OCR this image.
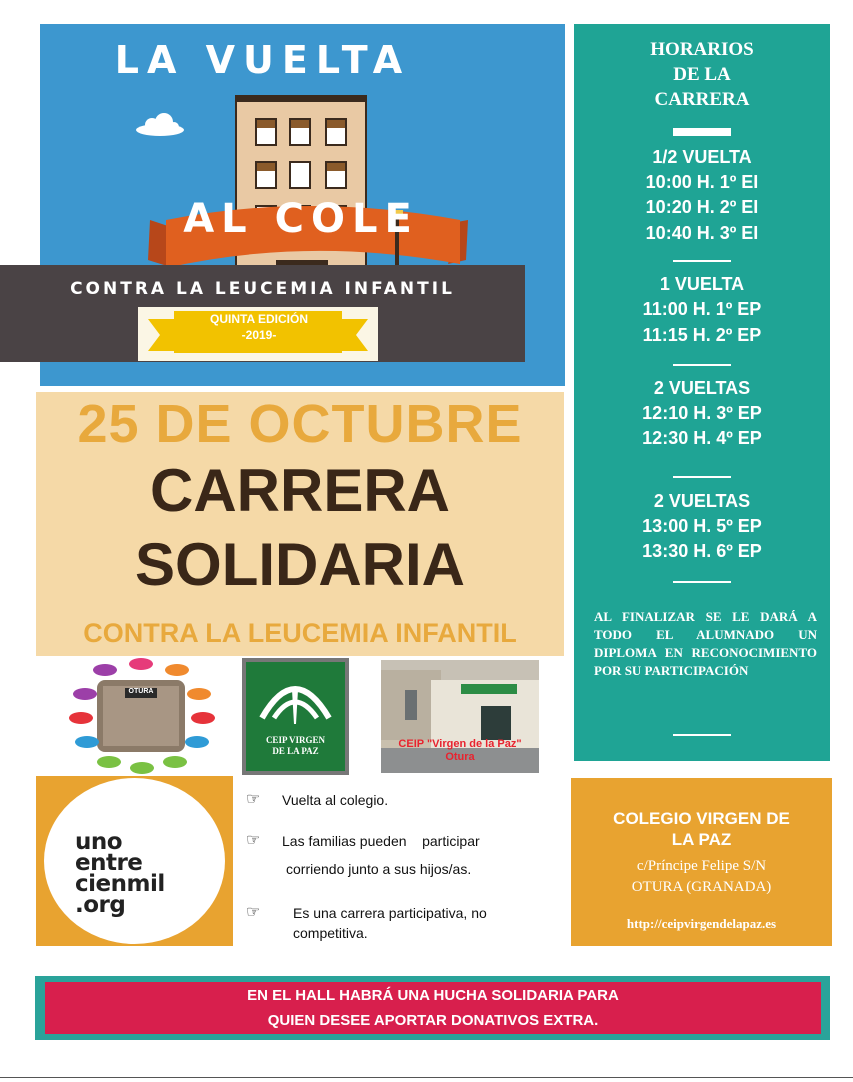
LA VUELTA
AL COLE
CONTRA LA LEUCEMIA INFANTIL
QUINTA EDICIÓN
-2019-
25 DE OCTUBRE
CARRERA
SOLIDARIA
CONTRA LA LEUCEMIA INFANTIL
HORARIOS
DE LA
CARRERA
1/2 VUELTA
10:00 H. 1º EI
10:20 H. 2º EI
10:40 H. 3º EI
1 VUELTA
11:00 H. 1º EP
11:15 H. 2º EP
2 VUELTAS
12:10 H. 3º EP
12:30 H. 4º EP
2 VUELTAS
13:00 H. 5º EP
13:30 H. 6º EP
AL FINALIZAR SE LE DARÁ A TODO EL ALUMNADO UN DIPLOMA EN RECONOCIMIENTO POR SU PARTICIPACIÓN
OTURA
CEIP VIRGEN
DE LA PAZ
CEIP "Virgen de la Paz"
Otura
uno
entre
cienmil
.org
☞ Vuelta al colegio.
☞ Las familias pueden    participar
corriendo junto a sus hijos/as.
☞ Es una carrera participativa, no
competitiva.
COLEGIO VIRGEN DE
LA PAZ
c/Príncipe Felipe S/N
OTURA (GRANADA)
http://ceipvirgendelapaz.es
EN EL HALL HABRÁ UNA HUCHA SOLIDARIA PARA
QUIEN DESEE APORTAR DONATIVOS EXTRA.
